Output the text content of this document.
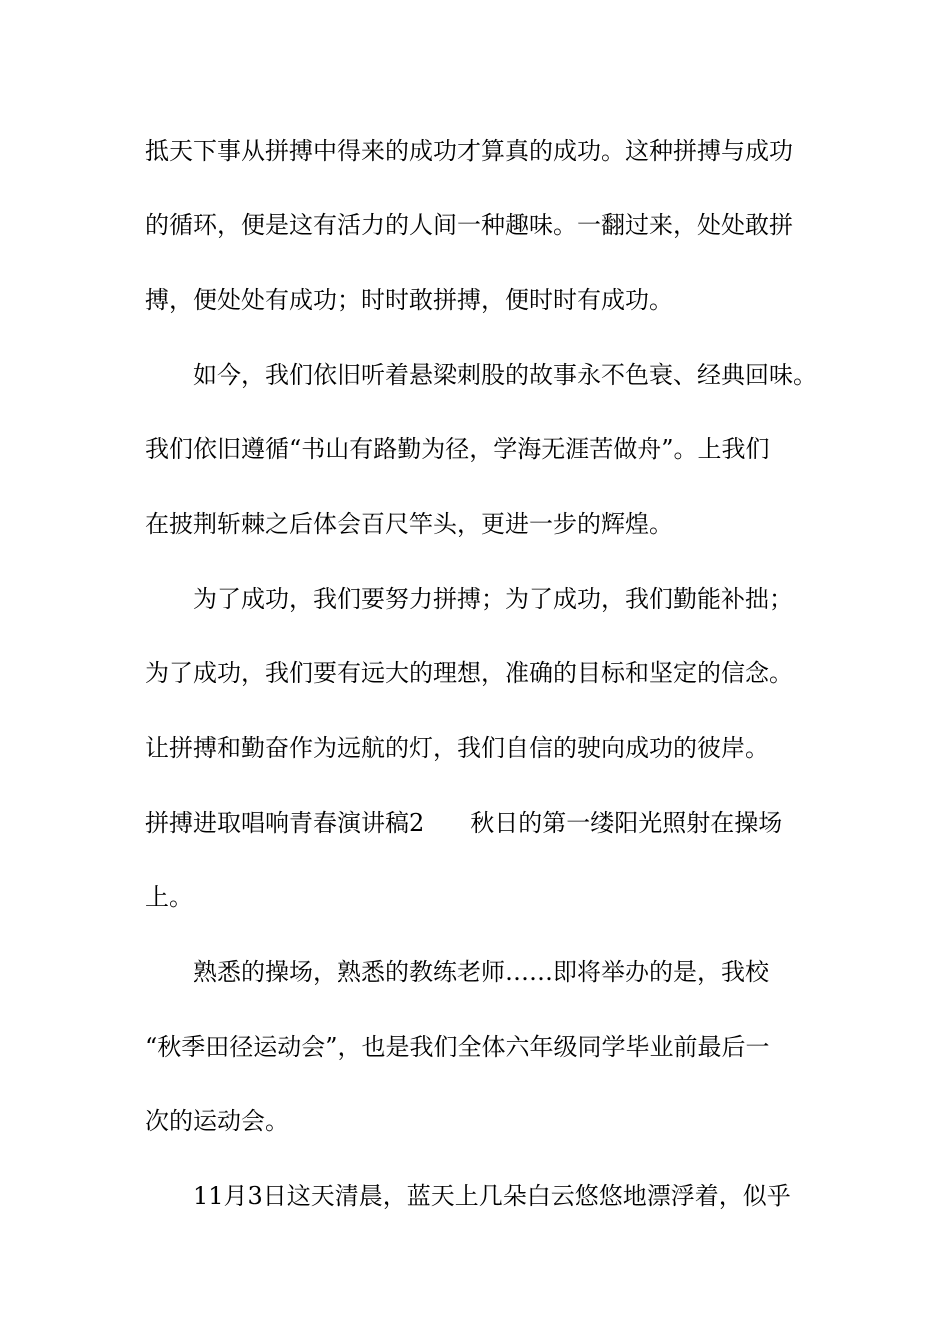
抵天下事从拼搏中得来的成功才算真的成功。这种拼搏与成功
的循环，便是这有活力的人间一种趣味。一翻过来，处处敢拼
搏，便处处有成功；时时敢拼搏，便时时有成功。
如今，我们依旧听着悬梁刺股的故事永不色衰、经典回味。
我们依旧遵循“书山有路勤为径，学海无涯苦做舟”。上我们
在披荆斩棘之后体会百尺竿头，更进一步的辉煌。
为了成功，我们要努力拼搏；为了成功，我们勤能补拙；
为了成功，我们要有远大的理想，准确的目标和坚定的信念。
让拼搏和勤奋作为远航的灯，我们自信的驶向成功的彼岸。
拼搏进取唱响青春演讲稿2 秋日的第一缕阳光照射在操场
上。
熟悉的操场，熟悉的教练老师……即将举办的是，我校
“秋季田径运动会”，也是我们全体六年级同学毕业前最后一
次的运动会。
11月3日这天清晨，蓝天上几朵白云悠悠地漂浮着，似乎
